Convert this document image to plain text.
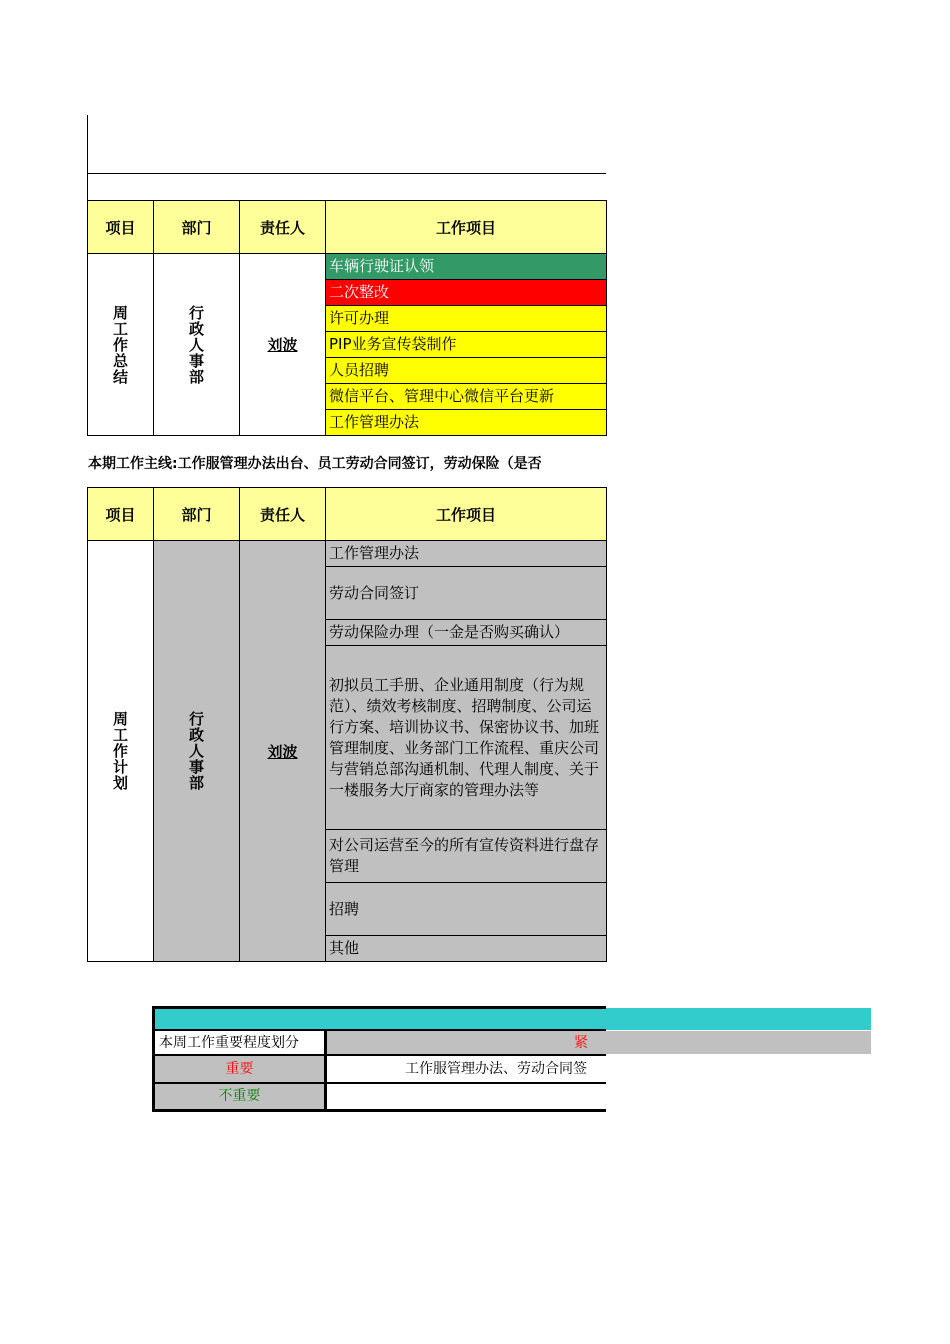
项目	部门	责任人	工作项目
周工作总结	行政人事部	刘波	车辆行驶证认领
			二次整改
			许可办理
			PIP业务宣传袋制作
			人员招聘
			微信平台、管理中心微信平台更新
			工作管理办法
本期工作主线:工作服管理办法出台、员工劳动合同签订，劳动保险（是否
项目	部门	责任人	工作项目
周工作计划	行政人事部	刘波	工作管理办法
			劳动合同签订
			劳动保险办理（一金是否购买确认）
			初拟员工手册、企业通用制度（行为规范）、绩效考核制度、招聘制度、公司运行方案、培训协议书、保密协议书、加班管理制度、业务部门工作流程、重庆公司与营销总部沟通机制、代理人制度、关于一楼服务大厅商家的管理办法等
			对公司运营至今的所有宣传资料进行盘存管理
			招聘
			其他
本周工作重要程度划分	紧
重要	工作服管理办法、劳动合同签
不重要
